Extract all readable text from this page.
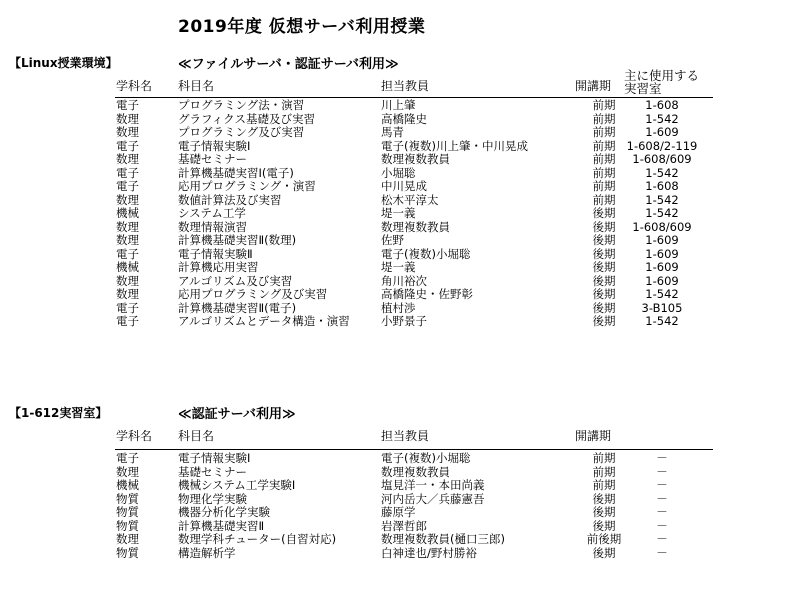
2019年度 仮想サーバ利用授業
【Linux授業環境】	≪ファイルサーバ・認証サーバ利用≫
学科名 科目名	担当教員	開講期
主に使用する
実習室
電子	プログラミング法・演習	川上肇	前期	1-608
数理	グラフィクス基礎及び実習	高橋隆史	前期	1-542
数理	プログラミング及び実習	馬青	前期	1-609
電子	電子情報実験Ⅰ	電子(複数)川上肇・中川晃成	前期 1-608/2-119
数理	基礎セミナー	数理複数教員	前期	1-608/609
電子	計算機基礎実習Ⅰ(電子)	小堀聡	前期	1-542
電子	応用プログラミング・演習	中川晃成	前期	1-608
数理	数値計算法及び実習	松木平淳太	前期	1-542
機械	システム工学	堤一義	後期	1-542
数理	数理情報演習	数理複数教員	後期	1-608/609
数理	計算機基礎実習Ⅱ(数理)	佐野	後期	1-609
電子	電子情報実験Ⅱ	電子(複数)小堀聡	後期	1-609
機械	計算機応用実習	堤一義	後期	1-609
数理	アルゴリズム及び実習	角川裕次	後期	1-609
数理	応用プログラミング及び実習	高橋隆史・佐野彰	後期	1-542
電子	計算機基礎実習Ⅱ(電子)	植村渉	後期	3-B105
電子	アルゴリズムとデータ構造・演習	小野景子	後期	1-542
【1-612実習室】	≪認証サーバ利用≫
学科名 科目名	担当教員	開講期
電子	電子情報実験Ⅰ	電子(複数)小堀聡	前期	－
数理	基礎セミナー	数理複数教員	前期	－
機械	機械システム工学実験Ⅰ	塩見洋一・本田尚義	前期	－
物質	物理化学実験	河内岳大／兵藤憲吾	後期	－
物質	機器分析化学実験	藤原学	後期	－
物質	計算機基礎実習Ⅱ	岩澤哲郎	後期	－
数理	数理学科チューター(自習対応)	数理複数教員(樋口三郎)	前後期	－
物質	構造解析学	白神達也/野村勝裕	後期	－
